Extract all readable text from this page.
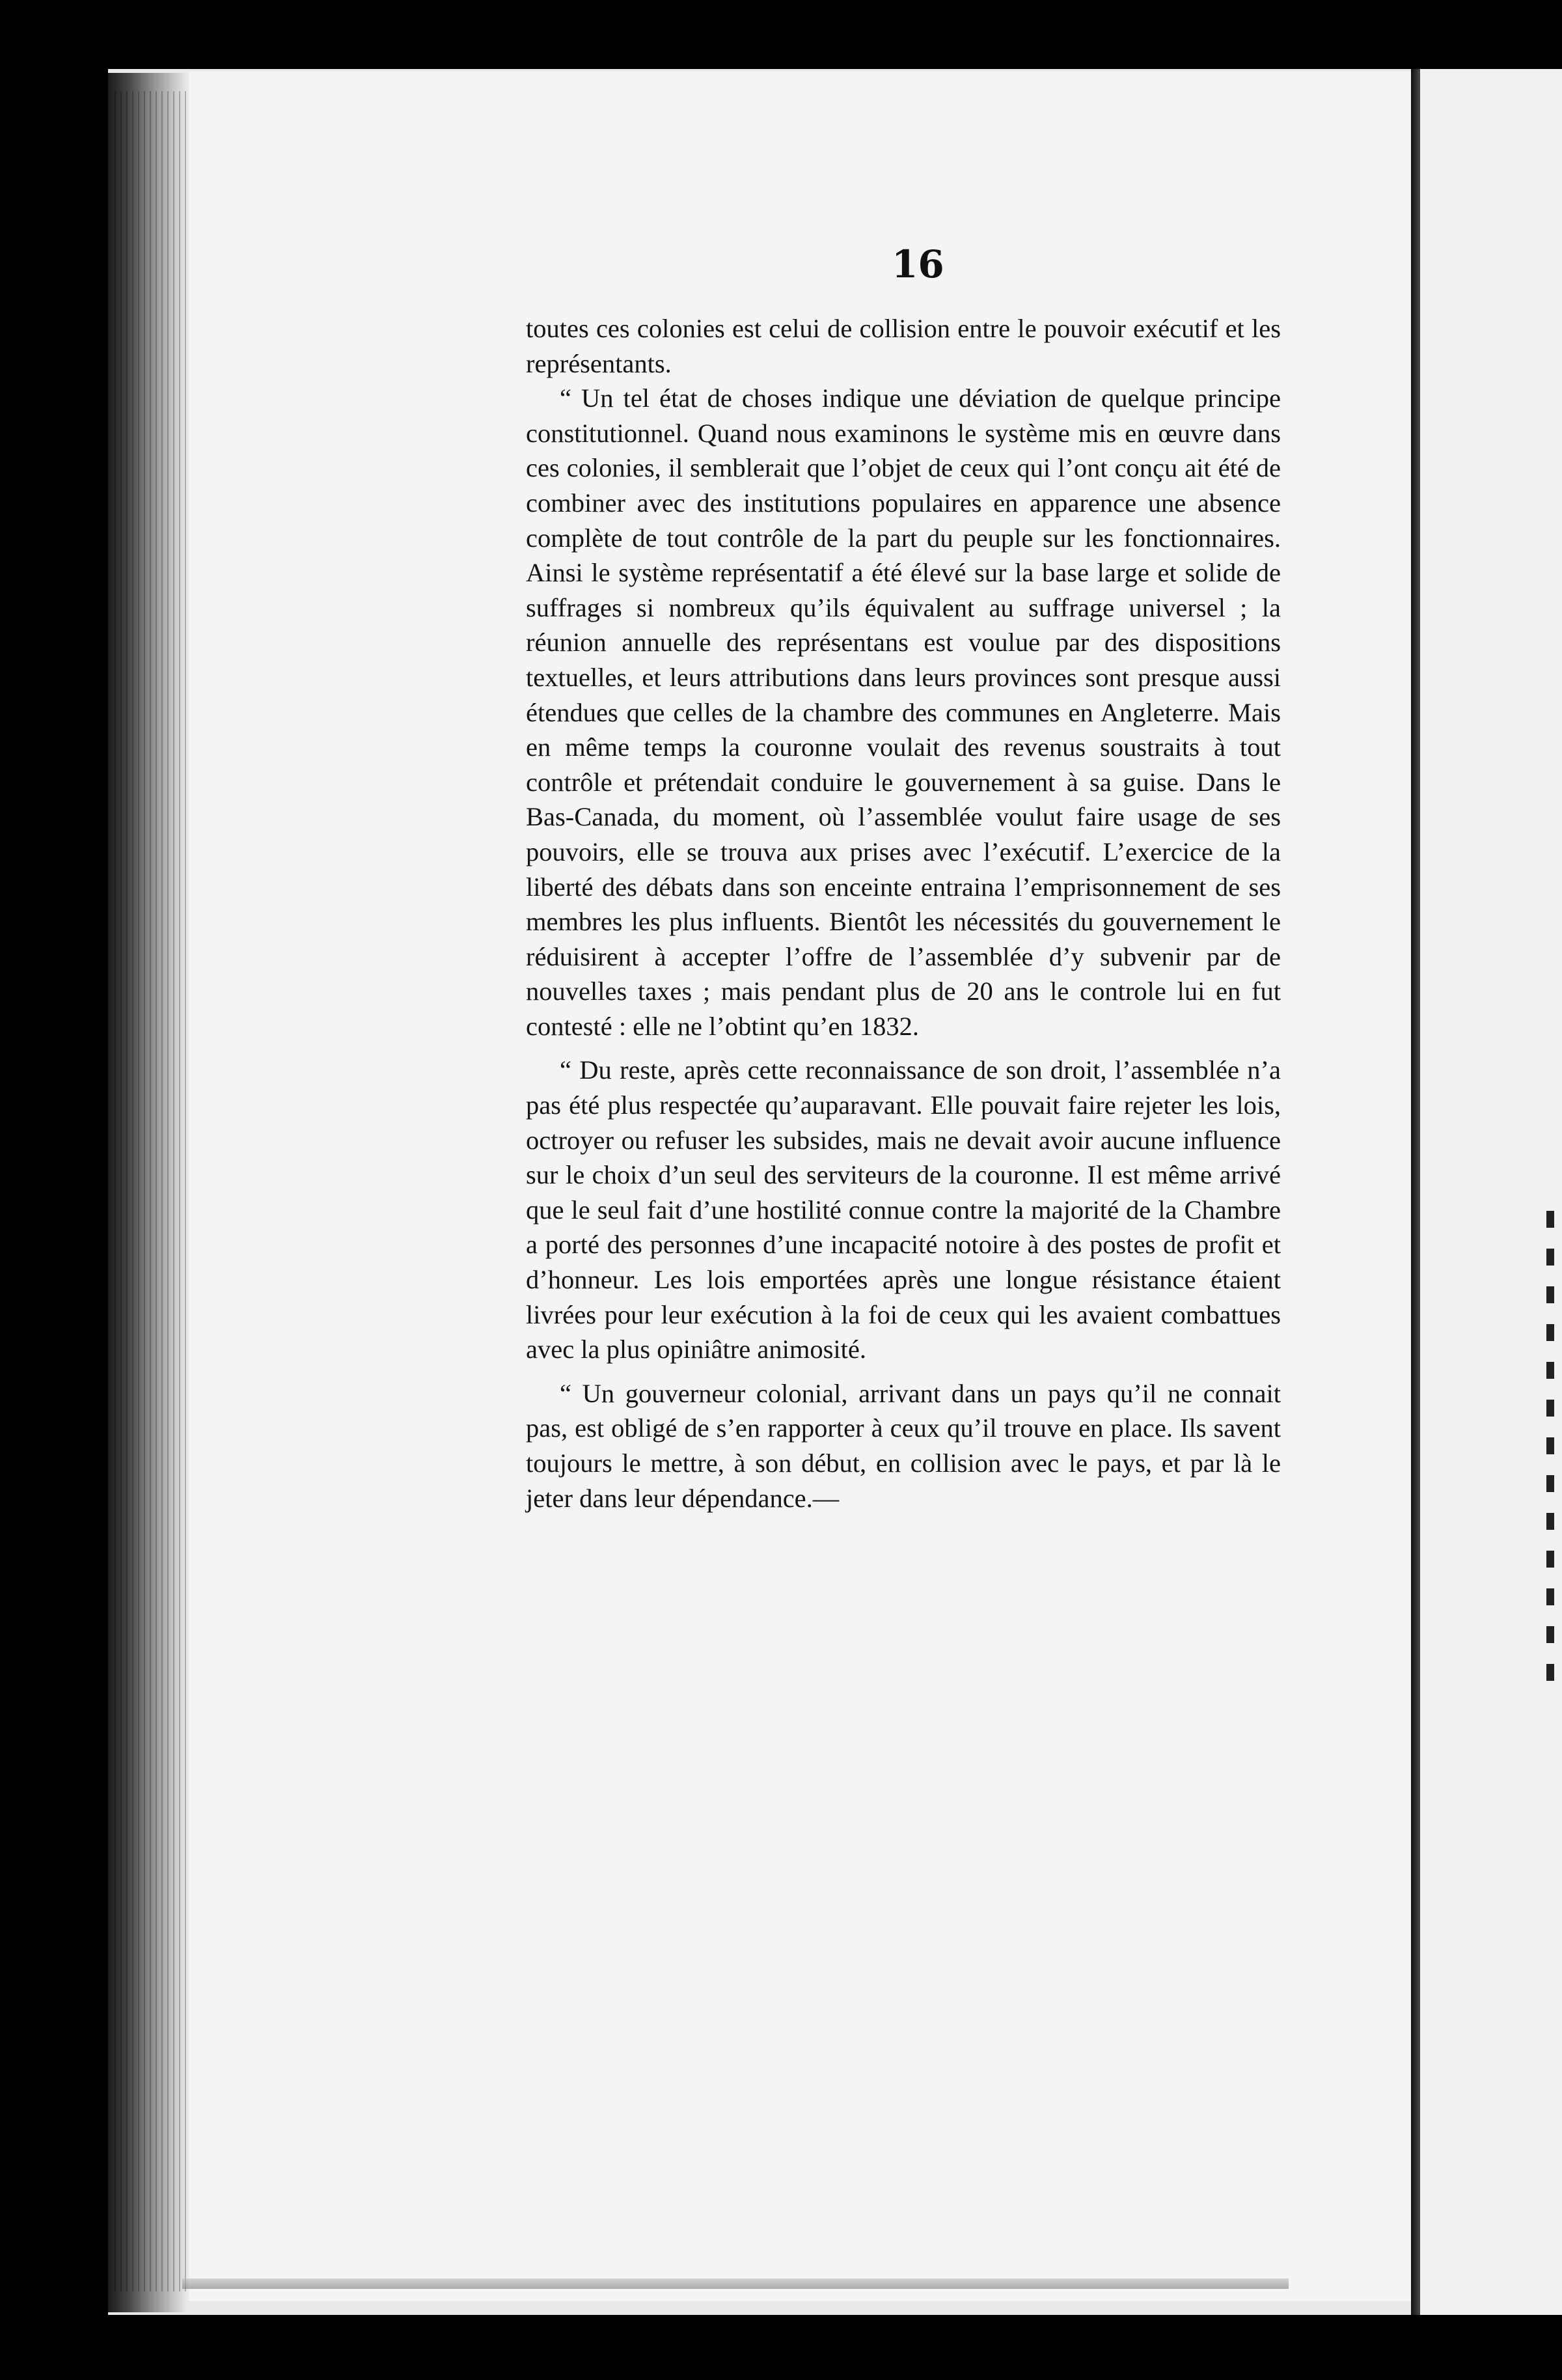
16

toutes ces colonies est celui de collision entre le pouvoir exécutif et les représentants.

“ Un tel état de choses indique une déviation de quelque principe constitutionnel. Quand nous examinons le système mis en œuvre dans ces colonies, il semblerait que l’objet de ceux qui l’ont conçu ait été de combiner avec des institutions populaires en apparence une absence complète de tout contrôle de la part du peuple sur les fonctionnaires. Ainsi le système représentatif a été élevé sur la base large et solide de suffrages si nombreux qu’ils équivalent au suffrage universel ; la réunion annuelle des représentans est voulue par des dispositions textuelles, et leurs attributions dans leurs provinces sont presque aussi étendues que celles de la chambre des communes en Angleterre. Mais en même temps la couronne voulait des revenus soustraits à tout contrôle et prétendait conduire le gouvernement à sa guise. Dans le Bas-Canada, du moment, où l’assemblée voulut faire usage de ses pouvoirs, elle se trouva aux prises avec l’exécutif. L’exercice de la liberté des débats dans son enceinte entraina l’emprisonnement de ses membres les plus influents. Bientôt les nécessités du gouvernement le réduisirent à accepter l’offre de l’assemblée d’y subvenir par de nouvelles taxes ; mais pendant plus de 20 ans le controle lui en fut contesté : elle ne l’obtint qu’en 1832.

“ Du reste, après cette reconnaissance de son droit, l’assemblée n’a pas été plus respectée qu’auparavant. Elle pouvait faire rejeter les lois, octroyer ou refuser les subsides, mais ne devait avoir aucune influence sur le choix d’un seul des serviteurs de la couronne. Il est même arrivé que le seul fait d’une hostilité connue contre la majorité de la Chambre a porté des personnes d’une incapacité notoire à des postes de profit et d’honneur. Les lois emportées après une longue résistance étaient livrées pour leur exécution à la foi de ceux qui les avaient combattues avec la plus opiniâtre animosité.

“ Un gouverneur colonial, arrivant dans un pays qu’il ne connait pas, est obligé de s’en rapporter à ceux qu’il trouve en place. Ils savent toujours le mettre, à son début, en collision avec le pays, et par là le jeter dans leur dépendance.—
